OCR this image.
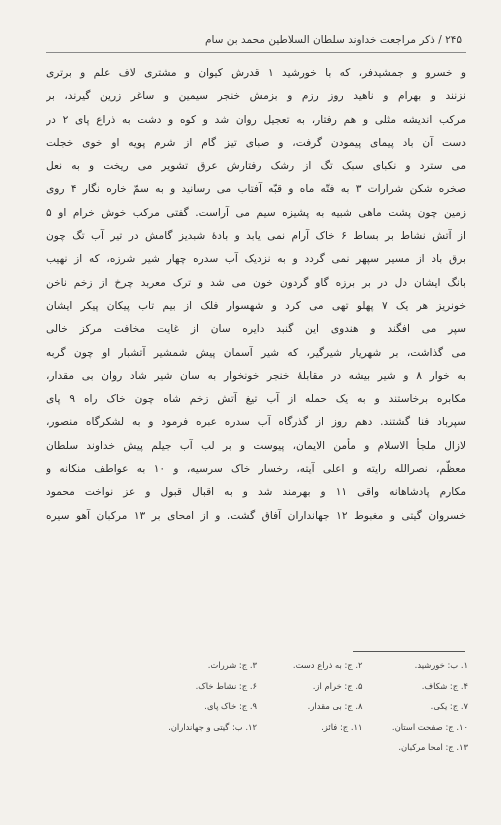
۲۴۵ / ذکر مراجعت خداوند سلطان السلاطین محمد بن سام
و خسرو و جمشیدفر، که با خورشید ۱ قدرش کیوان و مشتری لاف علم و برتری
نزنند و بهرام و ناهید روز رزم و بزمش خنجر سیمین و ساغر زرین گیرند، بر
مرکب اندیشه مثلی و هم رفتار، به تعجیل روان شد و کوه و دشت به ذراع پای ۲ در
دست آن باد پیمای پیمودن گرفت، و صبای تیز گام از شرم پویه او خوی خجلت
می سترد و نکبای سبک تگ از رشک رفتارش عرق تشویر می ریخت و به نعل
صخره شکن شرارات ۳ به فتّه ماه و قبّه آفتاب می رسانید و به سمّ خاره نگار ۴ روی
زمین چون پشت ماهی شبیه به پشیزه سیم می آراست. گفتی مرکب خوش خرام او ۵
از آتش نشاط بر بساط ۶ خاک آرام نمی یابد و بادهٔ شبدیز گامش در تیر آب تگ چون
برق باد از مسیر سپهر نمی گردد و به نزدیک آب سدره چهار شیر شرزه، که از نهیب
بانگ ایشان دل در بر برزه گاو گردون خون می شد و ترک معربد چرخ از زخم ناخن
خونریز هر یک ۷ پهلو تهی می کرد و شهسوار فلک از بیم تاب پیکان پیکر ایشان
سپر می افگند و هندوی این گنبد دایره سان از غایت مخافت مرکز خالی
می گذاشت، بر شهریار شیرگیر، که شیر آسمان پیش شمشیر آتشبار او چون گربه
به خوار ۸ و شیر بیشه در مقابلهٔ خنجر خونخوار به سان شیر شاد روان بی مقدار،
مکابره برخاستند و به یک حمله از آب تیغ آتش زخم شاه چون خاک راه ۹ پای
سپرباد فنا گشتند. دهم روز از گذرگاه آب سدره عبره فرمود و به لشکرگاه منصور،
لازال ملجأ الاسلام و مأمن الایمان، پیوست و بر لب آب جیلم پیش خداوند سلطان
معظّم، نصرالله رایته و اعلی آیته، رخسار خاک سرسیه، و ۱۰ به عواطف منکانه و
مکارم پادشاهانه واقی ۱۱ و بهرمند شد و به اقبال قبول و عز نواخت محمود
خسروان گیتی و مغبوط ۱۲ جهانداران آفاق گشت. و از امحای بر ۱۳ مرکبان آهو سیره
۱. ب: خورشید.
۲. ج: به ذراع دست.
۳. ج: شررات.
۴. ج: شکاف.
۵. ج: خرام از.
۶. ج: نشاط خاک.
۷. ج: یکی.
۸. ج: بی مقدار.
۹. ج: خاک پای.
۱۰. ج: صفحت استان.
۱۱. ج: فائز.
۱۲. ب: گیتی و جهانداران.
۱۳. ج: امحا مرکبان.
